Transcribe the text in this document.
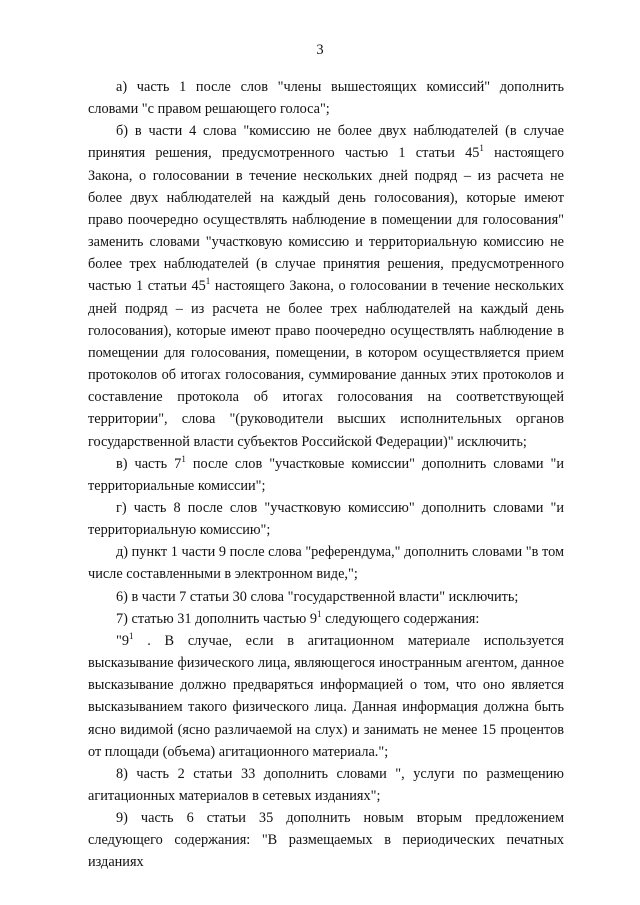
3

а) часть 1 после слов "члены вышестоящих комиссий" дополнить словами "с правом решающего голоса";

б) в части 4 слова "комиссию не более двух наблюдателей (в случае принятия решения, предусмотренного частью 1 статьи $45^1$ настоящего Закона, о голосовании в течение нескольких дней подряд – из расчета не более двух наблюдателей на каждый день голосования), которые имеют право поочередно осуществлять наблюдение в помещении для голосования" заменить словами "участковую комиссию и территориальную комиссию не более трех наблюдателей (в случае принятия решения, предусмотренного частью 1 статьи $45^1$ настоящего Закона, о голосовании в течение нескольких дней подряд – из расчета не более трех наблюдателей на каждый день голосования), которые имеют право поочередно осуществлять наблюдение в помещении для голосования, помещении, в котором осуществляется прием протоколов об итогах голосования, суммирование данных этих протоколов и составление протокола об итогах голосования на соответствующей территории", слова "(руководители высших исполнительных органов государственной власти субъектов Российской Федерации)" исключить;

в) часть $7^1$ после слов "участковые комиссии" дополнить словами "и территориальные комиссии";

г) часть 8 после слов "участковую комиссию" дополнить словами "и территориальную комиссию";

д) пункт 1 части 9 после слова "референдума," дополнить словами "в том числе составленными в электронном виде,";

6) в части 7 статьи 30 слова "государственной власти" исключить;

7) статью 31 дополнить частью $9^1$ следующего содержания:

"$9^1$ . В случае, если в агитационном материале используется высказывание физического лица, являющегося иностранным агентом, данное высказывание должно предваряться информацией о том, что оно является высказыванием такого физического лица. Данная информация должна быть ясно видимой (ясно различаемой на слух) и занимать не менее 15 процентов от площади (объема) агитационного материала.";

8) часть 2 статьи 33 дополнить словами ", услуги по размещению агитационных материалов в сетевых изданиях";

9) часть 6 статьи 35 дополнить новым вторым предложением следующего содержания: "В размещаемых в периодических печатных изданиях
